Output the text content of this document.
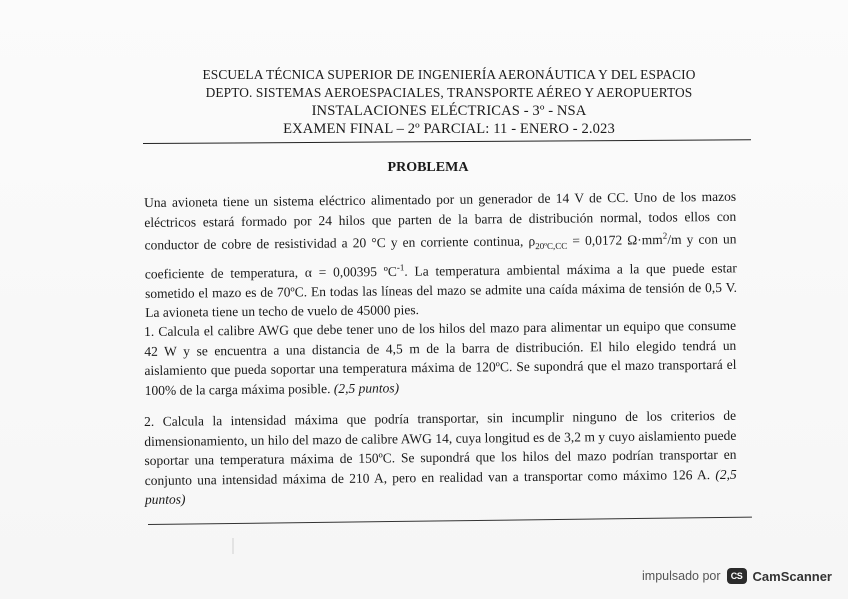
ESCUELA TÉCNICA SUPERIOR DE INGENIERÍA AERONÁUTICA Y DEL ESPACIO
DEPTO. SISTEMAS AEROESPACIALES, TRANSPORTE AÉREO Y AEROPUERTOS
INSTALACIONES ELÉCTRICAS - 3º - NSA
EXAMEN FINAL – 2º PARCIAL: 11 - ENERO - 2.023
PROBLEMA
Una avioneta tiene un sistema eléctrico alimentado por un generador de 14 V de CC. Uno de los mazos eléctricos estará formado por 24 hilos que parten de la barra de distribución normal, todos ellos con conductor de cobre de resistividad a 20 °C y en corriente continua, $\rho_{20ºC,CC} = 0,0172$ $\Omega\cdot mm^2/m$ y con un coeficiente de temperatura, α = 0,00395 ºC$^{-1}$. La temperatura ambiental máxima a la que puede estar sometido el mazo es de 70ºC. En todas las líneas del mazo se admite una caída máxima de tensión de 0,5 V. La avioneta tiene un techo de vuelo de 45000 pies.
1. Calcula el calibre AWG que debe tener uno de los hilos del mazo para alimentar un equipo que consume 42 W y se encuentra a una distancia de 4,5 m de la barra de distribución. El hilo elegido tendrá un aislamiento que pueda soportar una temperatura máxima de 120ºC. Se supondrá que el mazo transportará el 100% de la carga máxima posible. (2,5 puntos)
2. Calcula la intensidad máxima que podría transportar, sin incumplir ninguno de los criterios de dimensionamiento, un hilo del mazo de calibre AWG 14, cuya longitud es de 3,2 m y cuyo aislamiento puede soportar una temperatura máxima de 150ºC. Se supondrá que los hilos del mazo podrían transportar en conjunto una intensidad máxima de 210 A, pero en realidad van a transportar como máximo 126 A. (2,5 puntos)
impulsado por	CS CamScanner
